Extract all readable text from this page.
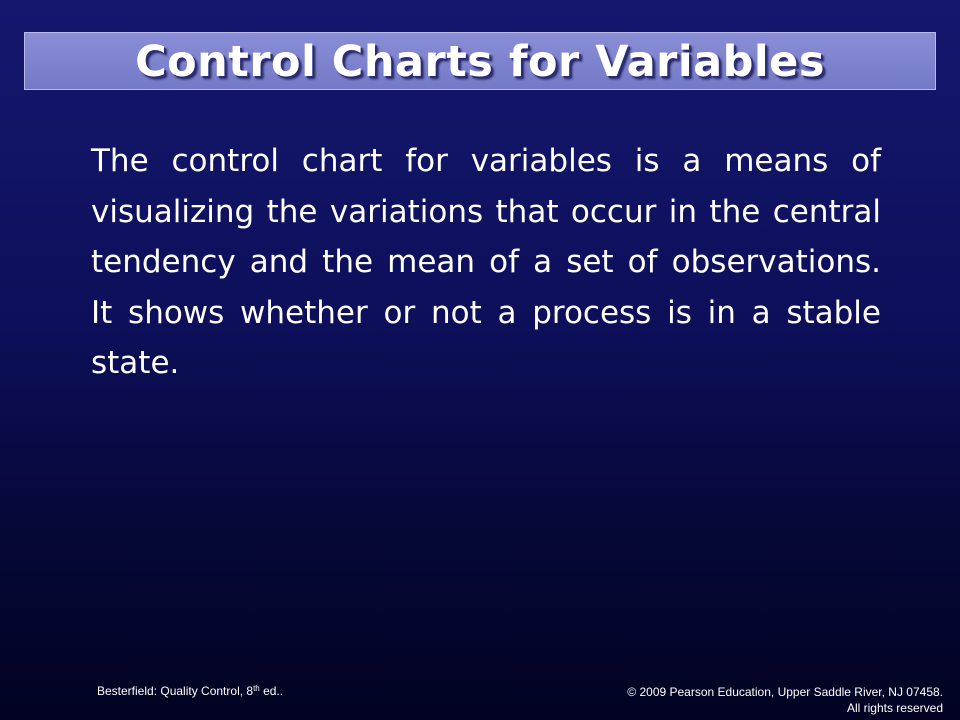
Control Charts for Variables

The control chart for variables is a means of visualizing the variations that occur in the central tendency and the mean of a set of observations. It shows whether or not a process is in a stable state.

Besterfield: Quality Control, 8th ed..	© 2009 Pearson Education, Upper Saddle River, NJ 07458.
All rights reserved
